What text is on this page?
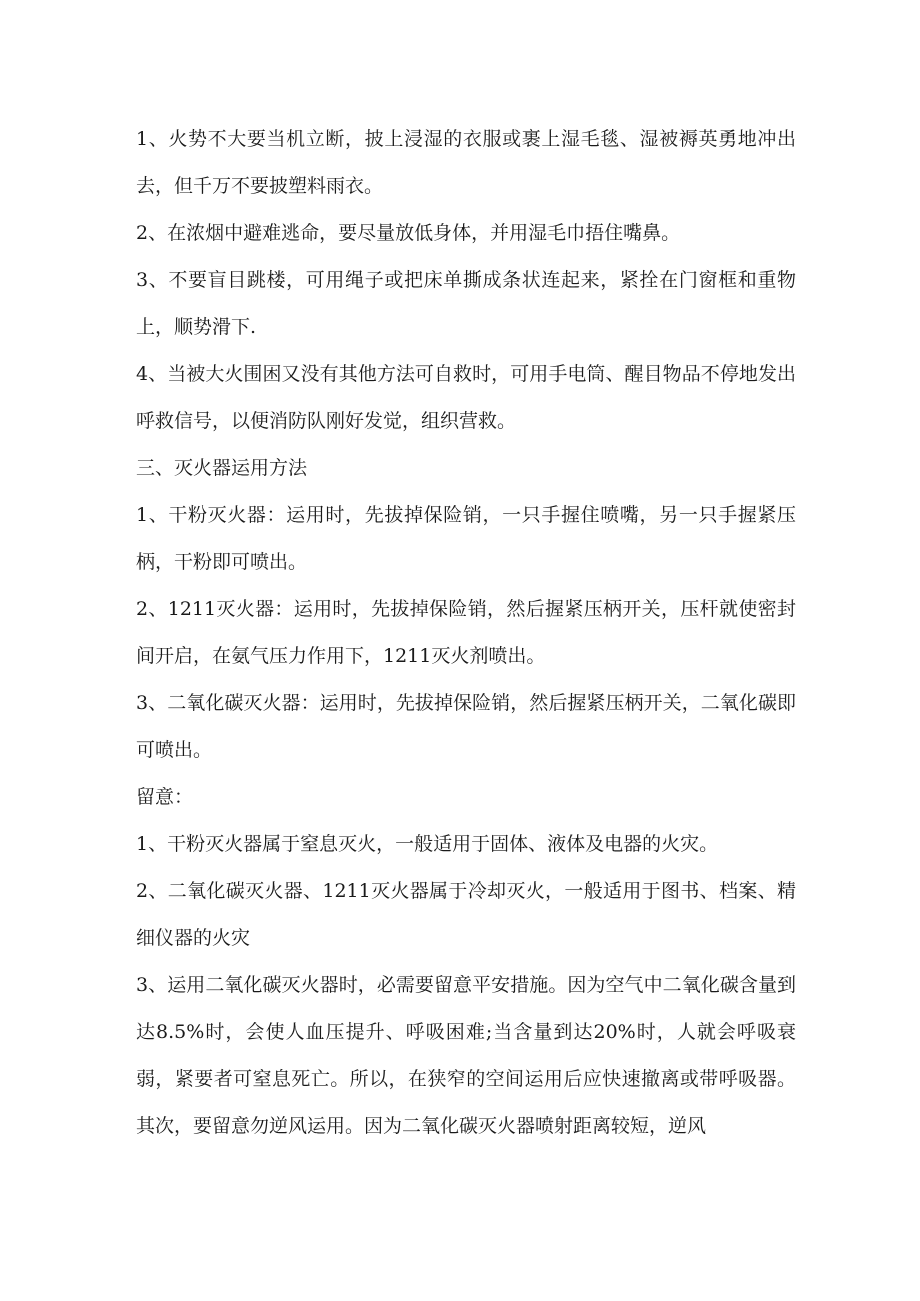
1、火势不大要当机立断，披上浸湿的衣服或裹上湿毛毯、湿被褥英勇地冲出去，但千万不要披塑料雨衣。

2、在浓烟中避难逃命，要尽量放低身体，并用湿毛巾捂住嘴鼻。

3、不要盲目跳楼，可用绳子或把床单撕成条状连起来，紧拴在门窗框和重物上，顺势滑下.

4、当被大火围困又没有其他方法可自救时，可用手电筒、醒目物品不停地发出呼救信号，以便消防队刚好发觉，组织营救。

三、灭火器运用方法

1、干粉灭火器：运用时，先拔掉保险销，一只手握住喷嘴，另一只手握紧压柄，干粉即可喷出。

2、1211灭火器：运用时，先拔掉保险销，然后握紧压柄开关，压杆就使密封间开启，在氨气压力作用下，1211灭火剂喷出。

3、二氧化碳灭火器：运用时，先拔掉保险销，然后握紧压柄开关，二氧化碳即可喷出。

留意：

1、干粉灭火器属于窒息灭火，一般适用于固体、液体及电器的火灾。

2、二氧化碳灭火器、1211灭火器属于冷却灭火，一般适用于图书、档案、精细仪器的火灾

3、运用二氧化碳灭火器时，必需要留意平安措施。因为空气中二氧化碳含量到达8.5%时，会使人血压提升、呼吸困难;当含量到达20%时，人就会呼吸衰弱，紧要者可窒息死亡。所以，在狭窄的空间运用后应快速撤离或带呼吸器。其次，要留意勿逆风运用。因为二氧化碳灭火器喷射距离较短，逆风
